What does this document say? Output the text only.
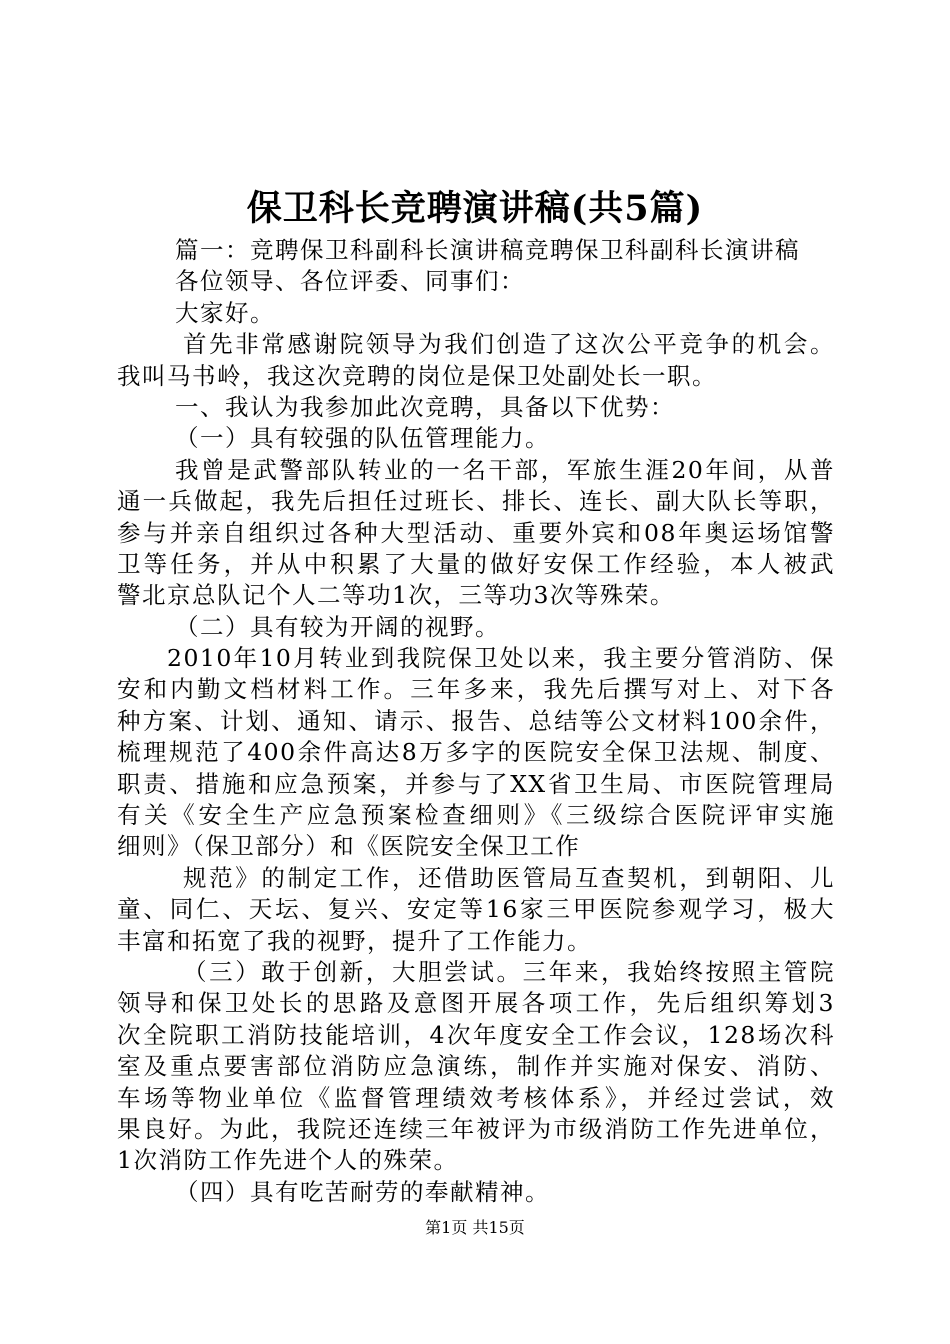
保卫科长竞聘演讲稿(共5篇)
篇一：竞聘保卫科副科长演讲稿竞聘保卫科副科长演讲稿
各位领导、各位评委、同事们：
大家好。
首先非常感谢院领导为我们创造了这次公平竞争的机会。
我叫马书岭，我这次竞聘的岗位是保卫处副处长一职。
一、我认为我参加此次竞聘，具备以下优势：
（一）具有较强的队伍管理能力。
我曾是武警部队转业的一名干部，军旅生涯20年间，从普
通一兵做起，我先后担任过班长、排长、连长、副大队长等职，
参与并亲自组织过各种大型活动、重要外宾和08年奥运场馆警
卫等任务，并从中积累了大量的做好安保工作经验，本人被武
警北京总队记个人二等功1次，三等功3次等殊荣。
（二）具有较为开阔的视野。
2010年10月转业到我院保卫处以来，我主要分管消防、保
安和内勤文档材料工作。三年多来，我先后撰写对上、对下各
种方案、计划、通知、请示、报告、总结等公文材料100余件，
梳理规范了400余件高达8万多字的医院安全保卫法规、制度、
职责、措施和应急预案，并参与了XX省卫生局、市医院管理局
有关《安全生产应急预案检查细则》《三级综合医院评审实施
细则》（保卫部分）和《医院安全保卫工作
规范》的制定工作，还借助医管局互查契机，到朝阳、儿
童、同仁、天坛、复兴、安定等16家三甲医院参观学习，极大
丰富和拓宽了我的视野，提升了工作能力。
（三）敢于创新，大胆尝试。三年来，我始终按照主管院
领导和保卫处长的思路及意图开展各项工作，先后组织筹划3
次全院职工消防技能培训，4次年度安全工作会议，128场次科
室及重点要害部位消防应急演练，制作并实施对保安、消防、
车场等物业单位《监督管理绩效考核体系》，并经过尝试，效
果良好。为此，我院还连续三年被评为市级消防工作先进单位，
1次消防工作先进个人的殊荣。
（四）具有吃苦耐劳的奉献精神。
第1页 共15页
